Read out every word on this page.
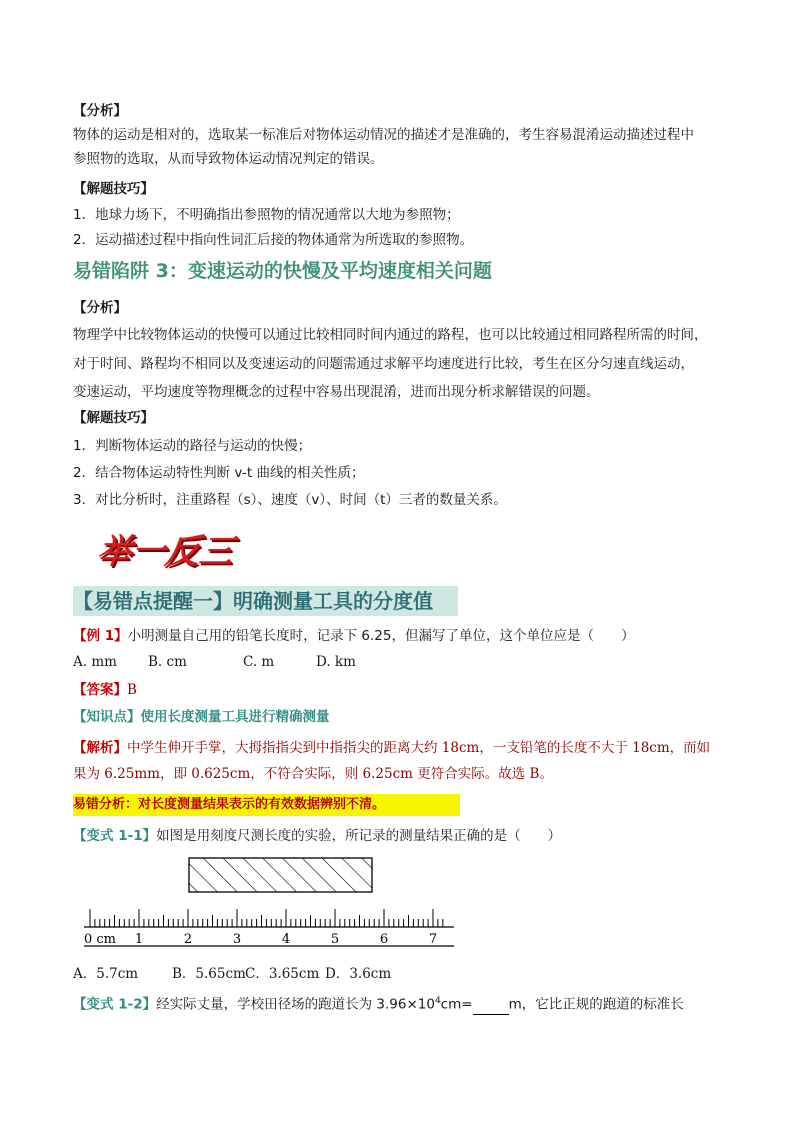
【分析】
物体的运动是相对的，选取某一标准后对物体运动情况的描述才是准确的，考生容易混淆运动描述过程中
参照物的选取，从而导致物体运动情况判定的错误。
【解题技巧】
1．地球力场下，不明确指出参照物的情况通常以大地为参照物；
2．运动描述过程中指向性词汇后接的物体通常为所选取的参照物。
易错陷阱 3：变速运动的快慢及平均速度相关问题
【分析】
物理学中比较物体运动的快慢可以通过比较相同时间内通过的路程，也可以比较通过相同路程所需的时间，
对于时间、路程均不相同以及变速运动的问题需通过求解平均速度进行比较，考生在区分匀速直线运动，
变速运动，平均速度等物理概念的过程中容易出现混淆，进而出现分析求解错误的问题。
【解题技巧】
1．判断物体运动的路径与运动的快慢；
2．结合物体运动特性判断 v-t 曲线的相关性质；
3．对比分析时，注重路程（s）、速度（v）、时间（t）三者的数量关系。
举一反三
【易错点提醒一】明确测量工具的分度值
【例 1】小明测量自己用的铅笔长度时，记录下 6.25，但漏写了单位，这个单位应是（　　）
A. mm B. cm	C. m	D. km
【答案】B
【知识点】使用长度测量工具进行精确测量
【解析】中学生伸开手掌，大拇指指尖到中指指尖的距离大约 18cm，一支铅笔的长度不大于 18cm，而如
果为 6.25mm，即 0.625cm，不符合实际，则 6.25cm 更符合实际。故选 B。
易错分析：对长度测量结果表示的有效数据辨别不清。
【变式 1-1】如图是用刻度尺测长度的实验，所记录的测量结果正确的是（　　）
0 cm 1	2	3	4	5	6	7
A．5.7cm	B．5.65cm C．3.65cm D．3.6cm
【变式 1-2】经实际丈量，学校田径场的跑道长为 $3.96\times 10^4cm=$	m，它比正规的跑道的标准长
